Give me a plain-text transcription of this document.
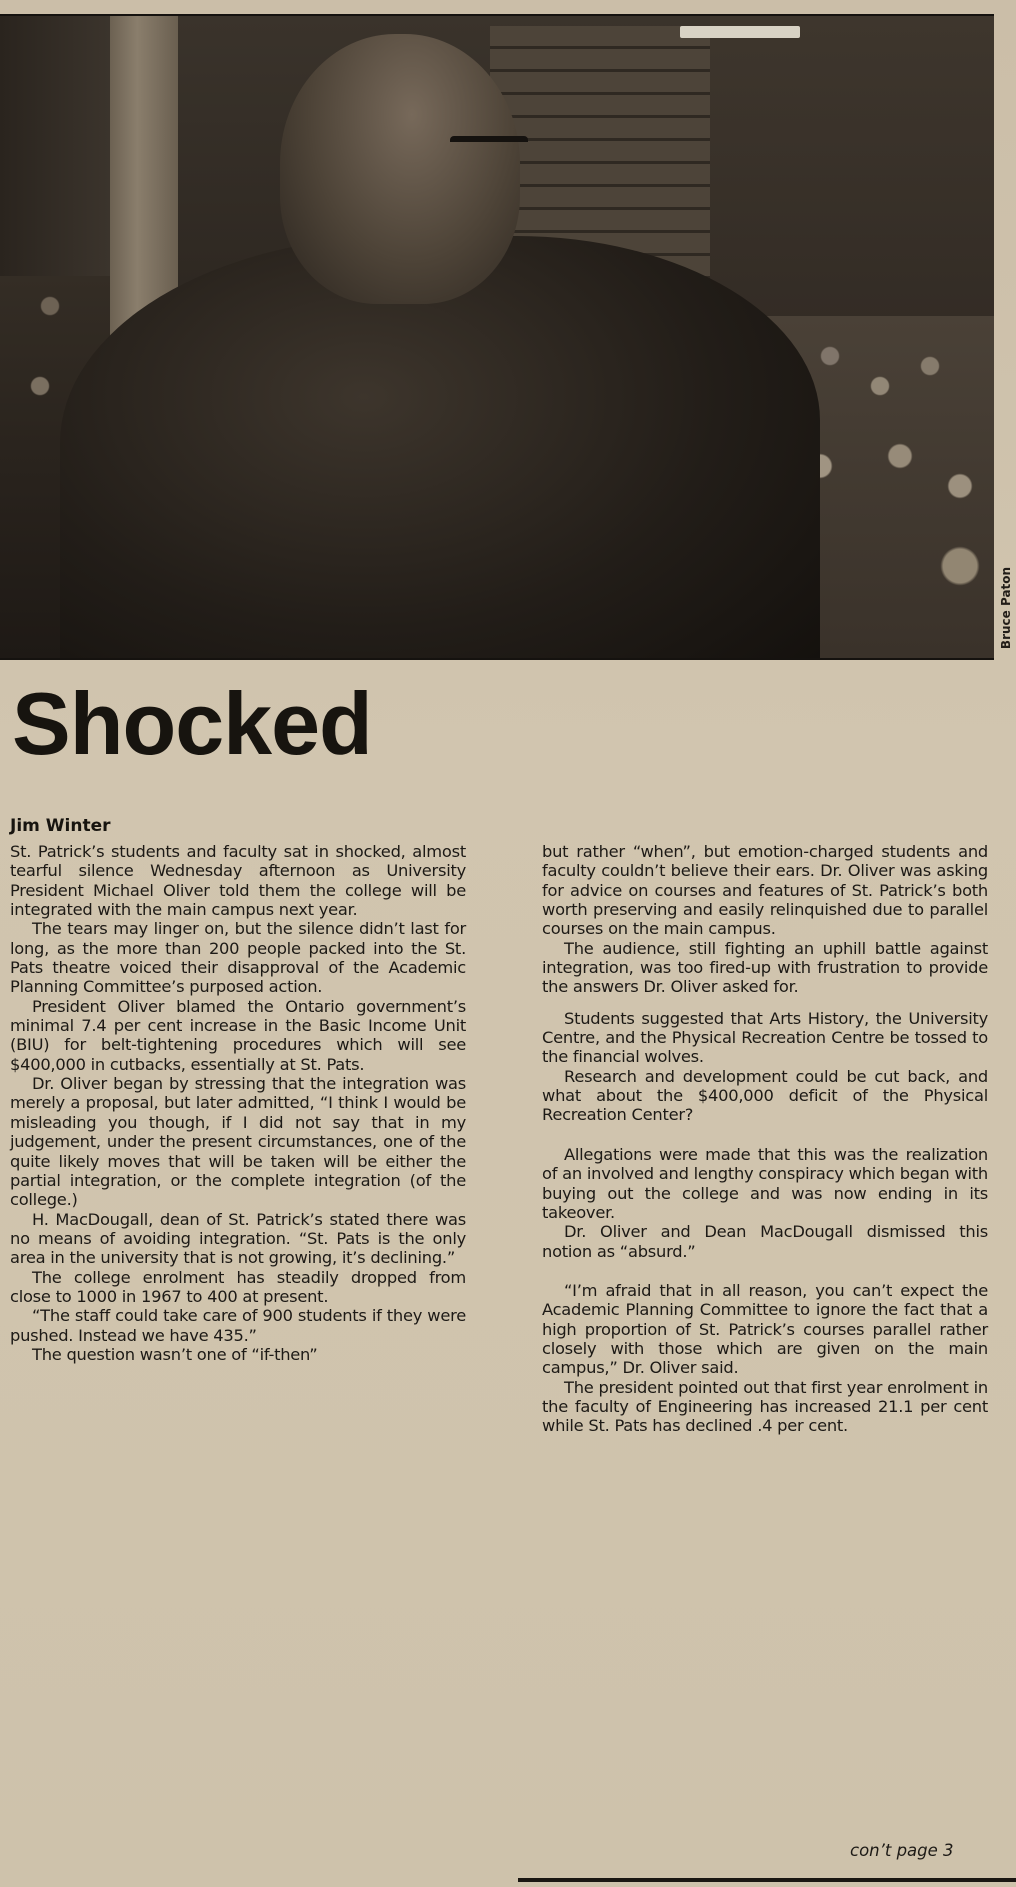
Bruce Paton
Shocked
Jim Winter

St. Patrick’s students and faculty sat in shocked, almost tearful silence Wednesday afternoon as University President Michael Oliver told them the college will be integrated with the main campus next year.

The tears may linger on, but the silence didn’t last for long, as the more than 200 people packed into the St. Pats theatre voiced their disapproval of the Academic Planning Committee’s purposed action.

President Oliver blamed the Ontario government’s minimal 7.4 per cent increase in the Basic Income Unit (BIU) for belt-tightening procedures which will see $400,000 in cutbacks, essentially at St. Pats.

Dr. Oliver began by stressing that the integration was merely a proposal, but later admitted, “I think I would be misleading you though, if I did not say that in my judgement, under the present circumstances, one of the quite likely moves that will be taken will be either the partial integration, or the complete integration (of the college.)

H. MacDougall, dean of St. Patrick’s stated there was no means of avoiding integration. “St. Pats is the only area in the university that is not growing, it’s declining.”

The college enrolment has steadily dropped from close to 1000 in 1967 to 400 at present.

“The staff could take care of 900 students if they were pushed. Instead we have 435.”

The question wasn’t one of “if-then”

but rather “when”, but emotion-charged students and faculty couldn’t believe their ears. Dr. Oliver was asking for advice on courses and features of St. Patrick’s both worth preserving and easily relinquished due to parallel courses on the main campus.

The audience, still fighting an uphill battle against integration, was too fired-up with frustration to provide the answers Dr. Oliver asked for.

Students suggested that Arts History, the University Centre, and the Physical Recreation Centre be tossed to the financial wolves.

Research and development could be cut back, and what about the $400,000 deficit of the Physical Recreation Center?

Allegations were made that this was the realization of an involved and lengthy conspiracy which began with buying out the college and was now ending in its takeover.

Dr. Oliver and Dean MacDougall dismissed this notion as “absurd.”

“I’m afraid that in all reason, you can’t expect the Academic Planning Committee to ignore the fact that a high proportion of St. Patrick’s courses parallel rather closely with those which are given on the main campus,” Dr. Oliver said.

The president pointed out that first year enrolment in the faculty of Engineering has increased 21.1 per cent while St. Pats has declined .4 per cent.

con’t page 3
